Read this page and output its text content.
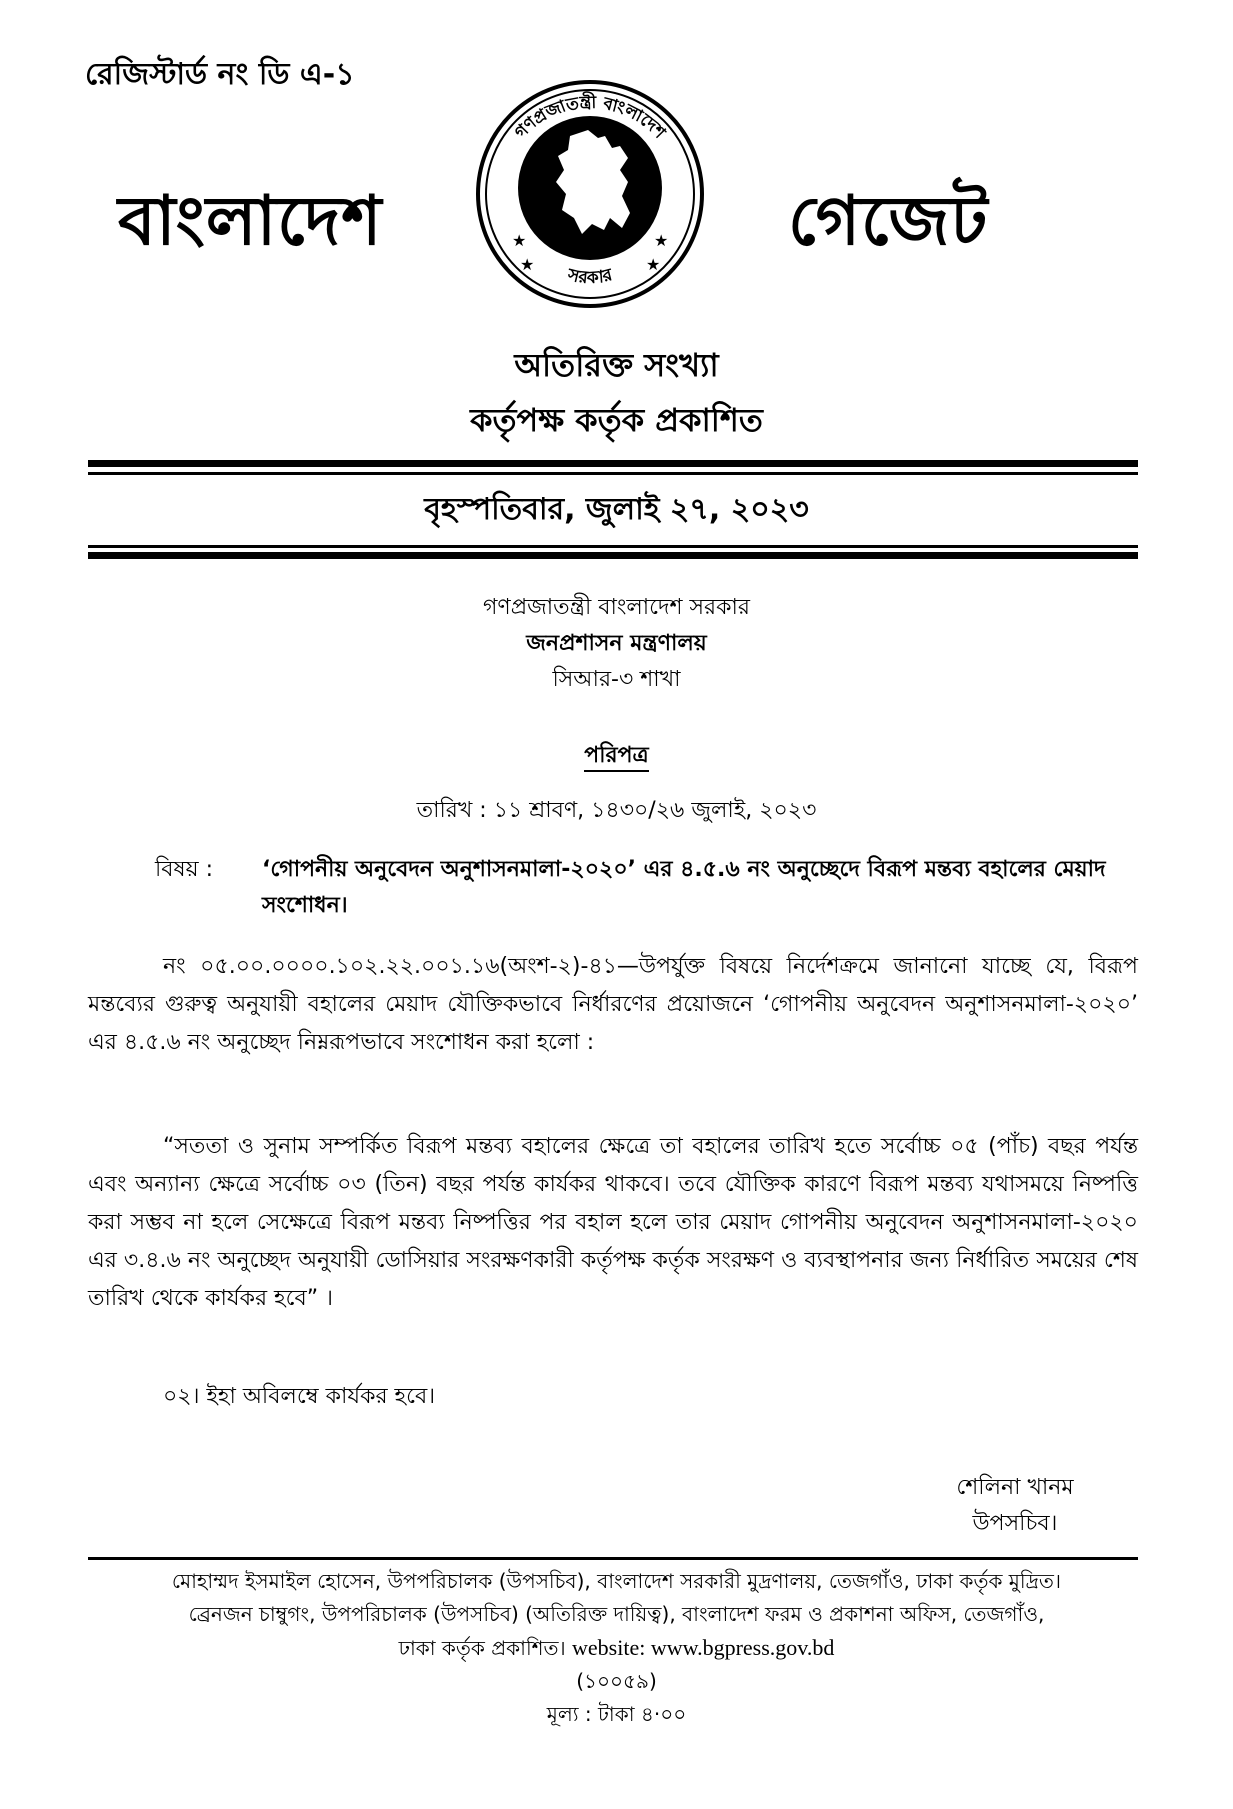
রেজিস্টার্ড নং ডি এ-১
বাংলাদেশ
গণপ্রজাতন্ত্রী বাংলাদেশ
সরকার
★
★
★
★
গেজেট
অতিরিক্ত সংখ্যা
কর্তৃপক্ষ কর্তৃক প্রকাশিত
বৃহস্পতিবার, জুলাই ২৭, ২০২৩
গণপ্রজাতন্ত্রী বাংলাদেশ সরকার
জনপ্রশাসন মন্ত্রণালয়
সিআর-৩ শাখা
পরিপত্র
তারিখ : ১১ শ্রাবণ, ১৪৩০/২৬ জুলাই, ২০২৩
বিষয় : ‘গোপনীয় অনুবেদন অনুশাসনমালা-২০২০’ এর ৪.৫.৬ নং অনুচ্ছেদে বিরূপ মন্তব্য বহালের মেয়াদ সংশোধন।
নং ০৫.০০.০০০০.১০২.২২.০০১.১৬(অংশ-২)-৪১—উপর্যুক্ত বিষয়ে নির্দেশক্রমে জানানো যাচ্ছে যে, বিরূপ মন্তব্যের গুরুত্ব অনুযায়ী বহালের মেয়াদ যৌক্তিকভাবে নির্ধারণের প্রয়োজনে ‘গোপনীয় অনুবেদন অনুশাসনমালা-২০২০’ এর ৪.৫.৬ নং অনুচ্ছেদ নিম্নরূপভাবে সংশোধন করা হলো :
“সততা ও সুনাম সম্পর্কিত বিরূপ মন্তব্য বহালের ক্ষেত্রে তা বহালের তারিখ হতে সর্বোচ্চ ০৫ (পাঁচ) বছর পর্যন্ত এবং অন্যান্য ক্ষেত্রে সর্বোচ্চ ০৩ (তিন) বছর পর্যন্ত কার্যকর থাকবে। তবে যৌক্তিক কারণে বিরূপ মন্তব্য যথাসময়ে নিষ্পত্তি করা সম্ভব না হলে সেক্ষেত্রে বিরূপ মন্তব্য নিষ্পত্তির পর বহাল হলে তার মেয়াদ গোপনীয় অনুবেদন অনুশাসনমালা-২০২০ এর ৩.৪.৬ নং অনুচ্ছেদ অনুযায়ী ডোসিয়ার সংরক্ষণকারী কর্তৃপক্ষ কর্তৃক সংরক্ষণ ও ব্যবস্থাপনার জন্য নির্ধারিত সময়ের শেষ তারিখ থেকে কার্যকর হবে” ।
০২। ইহা অবিলম্বে কার্যকর হবে।
শেলিনা খানম
উপসচিব।
মোহাম্মদ ইসমাইল হোসেন, উপপরিচালক (উপসচিব), বাংলাদেশ সরকারী মুদ্রণালয়, তেজগাঁও, ঢাকা কর্তৃক মুদ্রিত।
ব্রেনজন চাম্বুগং, উপপরিচালক (উপসচিব) (অতিরিক্ত দায়িত্ব), বাংলাদেশ ফরম ও প্রকাশনা অফিস, তেজগাঁও,
ঢাকা কর্তৃক প্রকাশিত। website: www.bgpress.gov.bd
(১০০৫৯)
মূল্য : টাকা ৪·০০
